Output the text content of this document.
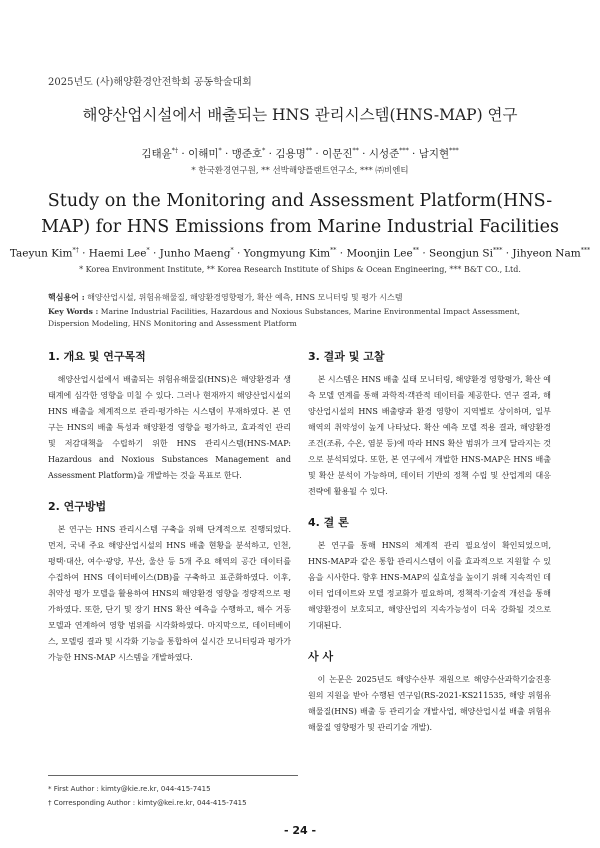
2025년도 (사)해양환경안전학회 공동학술대회
해양산업시설에서 배출되는 HNS 관리시스템(HNS-MAP) 연구
김태윤*† · 이해미* · 맹준호* · 김용명** · 이문진** · 시성준*** · 남지현***
* 한국환경연구원, ** 선박해양플랜트연구소, *** ㈜비엔티
Study on the Monitoring and Assessment Platform(HNS-MAP) for HNS Emissions from Marine Industrial Facilities
Taeyun Kim*† · Haemi Lee* · Junho Maeng* · Yongmyung Kim** · Moonjin Lee** · Seongjun Si*** · Jihyeon Nam***
* Korea Environment Institute, ** Korea Research Institute of Ships & Ocean Engineering, *** B&T CO., Ltd.
핵심용어 : 해양산업시설, 위험유해물질, 해양환경영향평가, 확산 예측, HNS 모니터링 및 평가 시스템
Key Words : Marine Industrial Facilities, Hazardous and Noxious Substances, Marine Environmental Impact Assessment, Dispersion Modeling, HNS Monitoring and Assessment Platform
1. 개요 및 연구목적

해양산업시설에서 배출되는 위험유해물질(HNS)은 해양환경과 생태계에 심각한 영향을 미칠 수 있다. 그러나 현재까지 해양산업시설의 HNS 배출을 체계적으로 관리·평가하는 시스템이 부재하였다. 본 연구는 HNS의 배출 특성과 해양환경 영향을 평가하고, 효과적인 관리 및 저감대책을 수립하기 위한 HNS 관리시스템(HNS-MAP: Hazardous and Noxious Substances Management and Assessment Platform)을 개발하는 것을 목표로 한다.

2. 연구방법

본 연구는 HNS 관리시스템 구축을 위해 단계적으로 진행되었다. 먼저, 국내 주요 해양산업시설의 HNS 배출 현황을 분석하고, 인천, 평택·대산, 여수·광양, 부산, 울산 등 5개 주요 해역의 공간 데이터를 수집하여 HNS 데이터베이스(DB)를 구축하고 표준화하였다. 이후, 취약성 평가 모델을 활용하여 HNS의 해양환경 영향을 정량적으로 평가하였다. 또한, 단기 및 장기 HNS 확산 예측을 수행하고, 해수 거동 모델과 연계하여 영향 범위를 시각화하였다. 마지막으로, 데이터베이스, 모델링 결과 및 시각화 기능을 통합하여 실시간 모니터링과 평가가 가능한 HNS-MAP 시스템을 개발하였다.

3. 결과 및 고찰

본 시스템은 HNS 배출 실태 모니터링, 해양환경 영향평가, 확산 예측 모델 연계를 통해 과학적·객관적 데이터를 제공한다. 연구 결과, 해양산업시설의 HNS 배출량과 환경 영향이 지역별로 상이하며, 일부 해역의 취약성이 높게 나타났다. 확산 예측 모델 적용 결과, 해양환경 조건(조류, 수온, 염분 등)에 따라 HNS 확산 범위가 크게 달라지는 것으로 분석되었다. 또한, 본 연구에서 개발한 HNS-MAP은 HNS 배출 및 확산 분석이 가능하며, 데이터 기반의 정책 수립 및 산업계의 대응 전략에 활용될 수 있다.

4. 결 론

본 연구를 통해 HNS의 체계적 관리 필요성이 확인되었으며, HNS-MAP과 같은 통합 관리시스템이 이를 효과적으로 지원할 수 있음을 시사한다. 향후 HNS-MAP의 실효성을 높이기 위해 지속적인 데이터 업데이트와 모델 정교화가 필요하며, 정책적·기술적 개선을 통해 해양환경이 보호되고, 해양산업의 지속가능성이 더욱 강화될 것으로 기대된다.

사 사

이 논문은 2025년도 해양수산부 재원으로 해양수산과학기술진흥원의 지원을 받아 수행된 연구임(RS-2021-KS211535, 해양 위험유해물질(HNS) 배출 등 관리기술 개발사업, 해양산업시설 배출 위험유해물질 영향평가 및 관리기술 개발).

* First Author : kimty@kie.re.kr, 044-415-7415
† Corresponding Author : kimty@kei.re.kr, 044-415-7415
- 24 -
